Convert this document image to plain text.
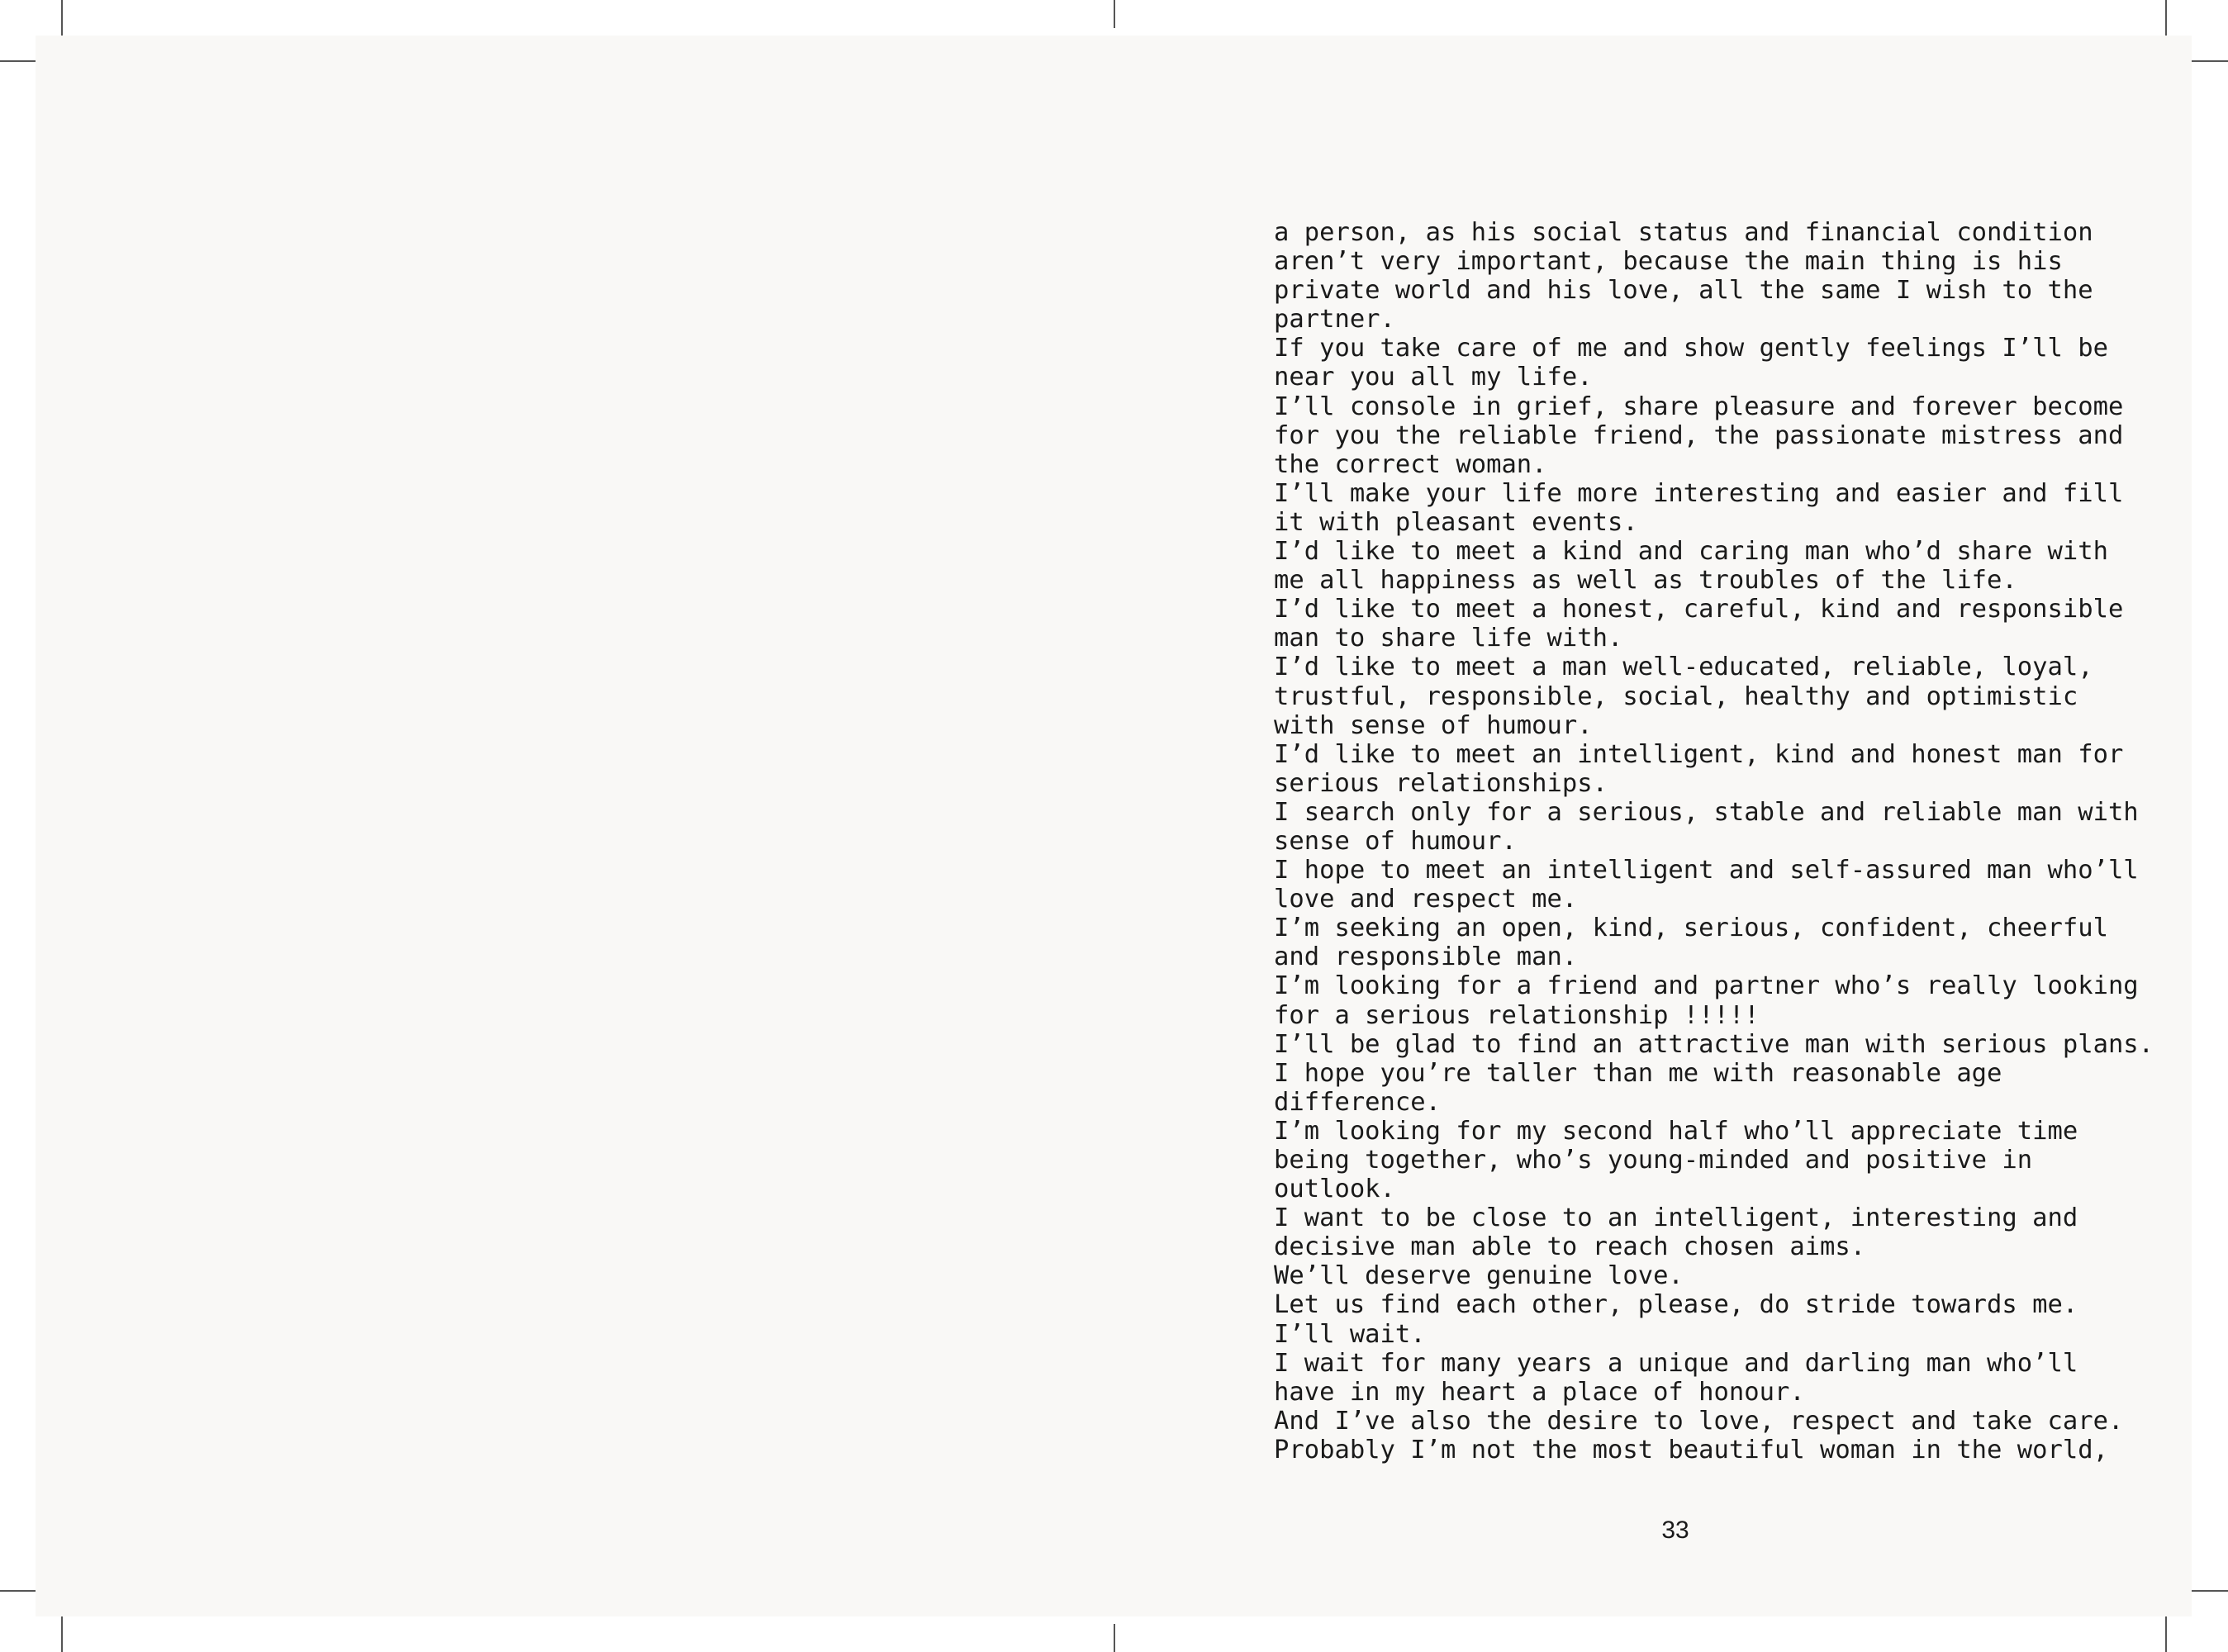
a person, as his social status and financial condition
aren’t very important, because the main thing is his
private world and his love, all the same I wish to the
partner.
If you take care of me and show gently feelings I’ll be
near you all my life.
I’ll console in grief, share pleasure and forever become
for you the reliable friend, the passionate mistress and
the correct woman.
I’ll make your life more interesting and easier and fill
it with pleasant events.
I’d like to meet a kind and caring man who’d share with
me all happiness as well as troubles of the life.
I’d like to meet a honest, careful, kind and responsible
man to share life with.
I’d like to meet a man well-educated, reliable, loyal,
trustful, responsible, social, healthy and optimistic
with sense of humour.
I’d like to meet an intelligent, kind and honest man for
serious relationships.
I search only for a serious, stable and reliable man with
sense of humour.
I hope to meet an intelligent and self-assured man who’ll
love and respect me.
I’m seeking an open, kind, serious, confident, cheerful
and responsible man.
I’m looking for a friend and partner who’s really looking
for a serious relationship !!!!!
I’ll be glad to find an attractive man with serious plans.
I hope you’re taller than me with reasonable age
difference.
I’m looking for my second half who’ll appreciate time
being together, who’s young-minded and positive in
outlook.
I want to be close to an intelligent, interesting and
decisive man able to reach chosen aims.
We’ll deserve genuine love.
Let us find each other, please, do stride towards me.
I’ll wait.
I wait for many years a unique and darling man who’ll
have in my heart a place of honour.
And I’ve also the desire to love, respect and take care.
Probably I’m not the most beautiful woman in the world,
33
